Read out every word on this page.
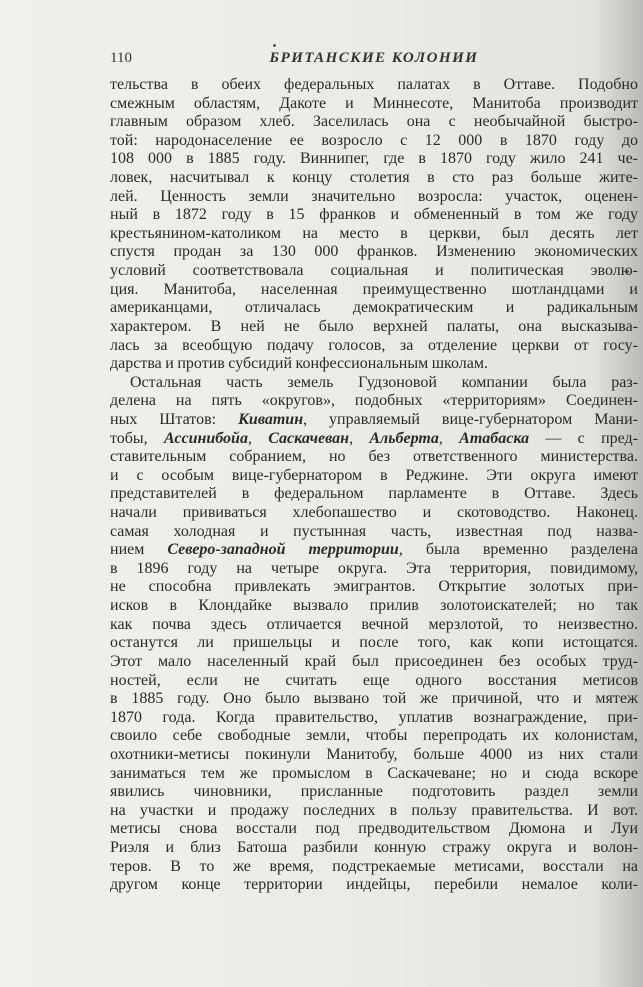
110	БРИТАНСКИЕ КОЛОНИИ
тельства в обеих федеральных палатах в Оттаве. Подобно
смежным областям, Дакоте и Миннесоте, Манитоба производит
главным образом хлеб. Заселилась она с необычайной быстро-
той: народонаселение ее возросло с 12 000 в 1870 году до
108 000 в 1885 году. Виннипег, где в 1870 году жило 241 че-
ловек, насчитывал к концу столетия в сто раз больше жите-
лей. Ценность земли значительно возросла: участок, оценен-
ный в 1872 году в 15 франков и обмененный в том же году
крестьянином-католиком на место в церкви, был десять лет
спустя продан за 130 000 франков. Изменению экономических
условий соответствовала социальная и политическая эволю-
ция. Манитоба, населенная преимущественно шотландцами и
американцами, отличалась демократическим и радикальным
характером. В ней не было верхней палаты, она высказыва-
лась за всеобщую подачу голосов, за отделение церкви от госу-
дарства и против субсидий конфессиональным школам.
Остальная часть земель Гудзоновой компании была раз-
делена на пять «округов», подобных «территориям» Соединен-
ных Штатов: Киватин, управляемый вице-губернатором Мани-
тобы, Ассинибойа, Саскачеван, Альберта, Атабаска — с пред-
ставительным собранием, но без ответственного министерства.
и с особым вице-губернатором в Реджине. Эти округа имеют
представителей в федеральном парламенте в Оттаве. Здесь
начали прививаться хлебопашество и скотоводство. Наконец.
самая холодная и пустынная часть, известная под назва-
нием Северо-западной территории, была временно разделена
в 1896 году на четыре округа. Эта территория, повидимому,
не способна привлекать эмигрантов. Открытие золотых при-
исков в Клондайке вызвало прилив золотоискателей; но так
как почва здесь отличается вечной мерзлотой, то неизвестно.
останутся ли пришельцы и после того, как копи истощатся.
Этот мало населенный край был присоединен без особых труд-
ностей, если не считать еще одного восстания метисов
в 1885 году. Оно было вызвано той же причиной, что и мятеж
1870 года. Когда правительство, уплатив вознаграждение, при-
своило себе свободные земли, чтобы перепродать их колонистам,
охотники-метисы покинули Манитобу, больше 4000 из них стали
заниматься тем же промыслом в Саскачеване; но и сюда вскоре
явились чиновники, присланные подготовить раздел земли
на участки и продажу последних в пользу правительства. И вот.
метисы снова восстали под предводительством Дюмона и Луи
Риэля и близ Батоша разбили конную стражу округа и волон-
теров. В то же время, подстрекаемые метисами, восстали на
другом конце территории индейцы, перебили немалое коли-
